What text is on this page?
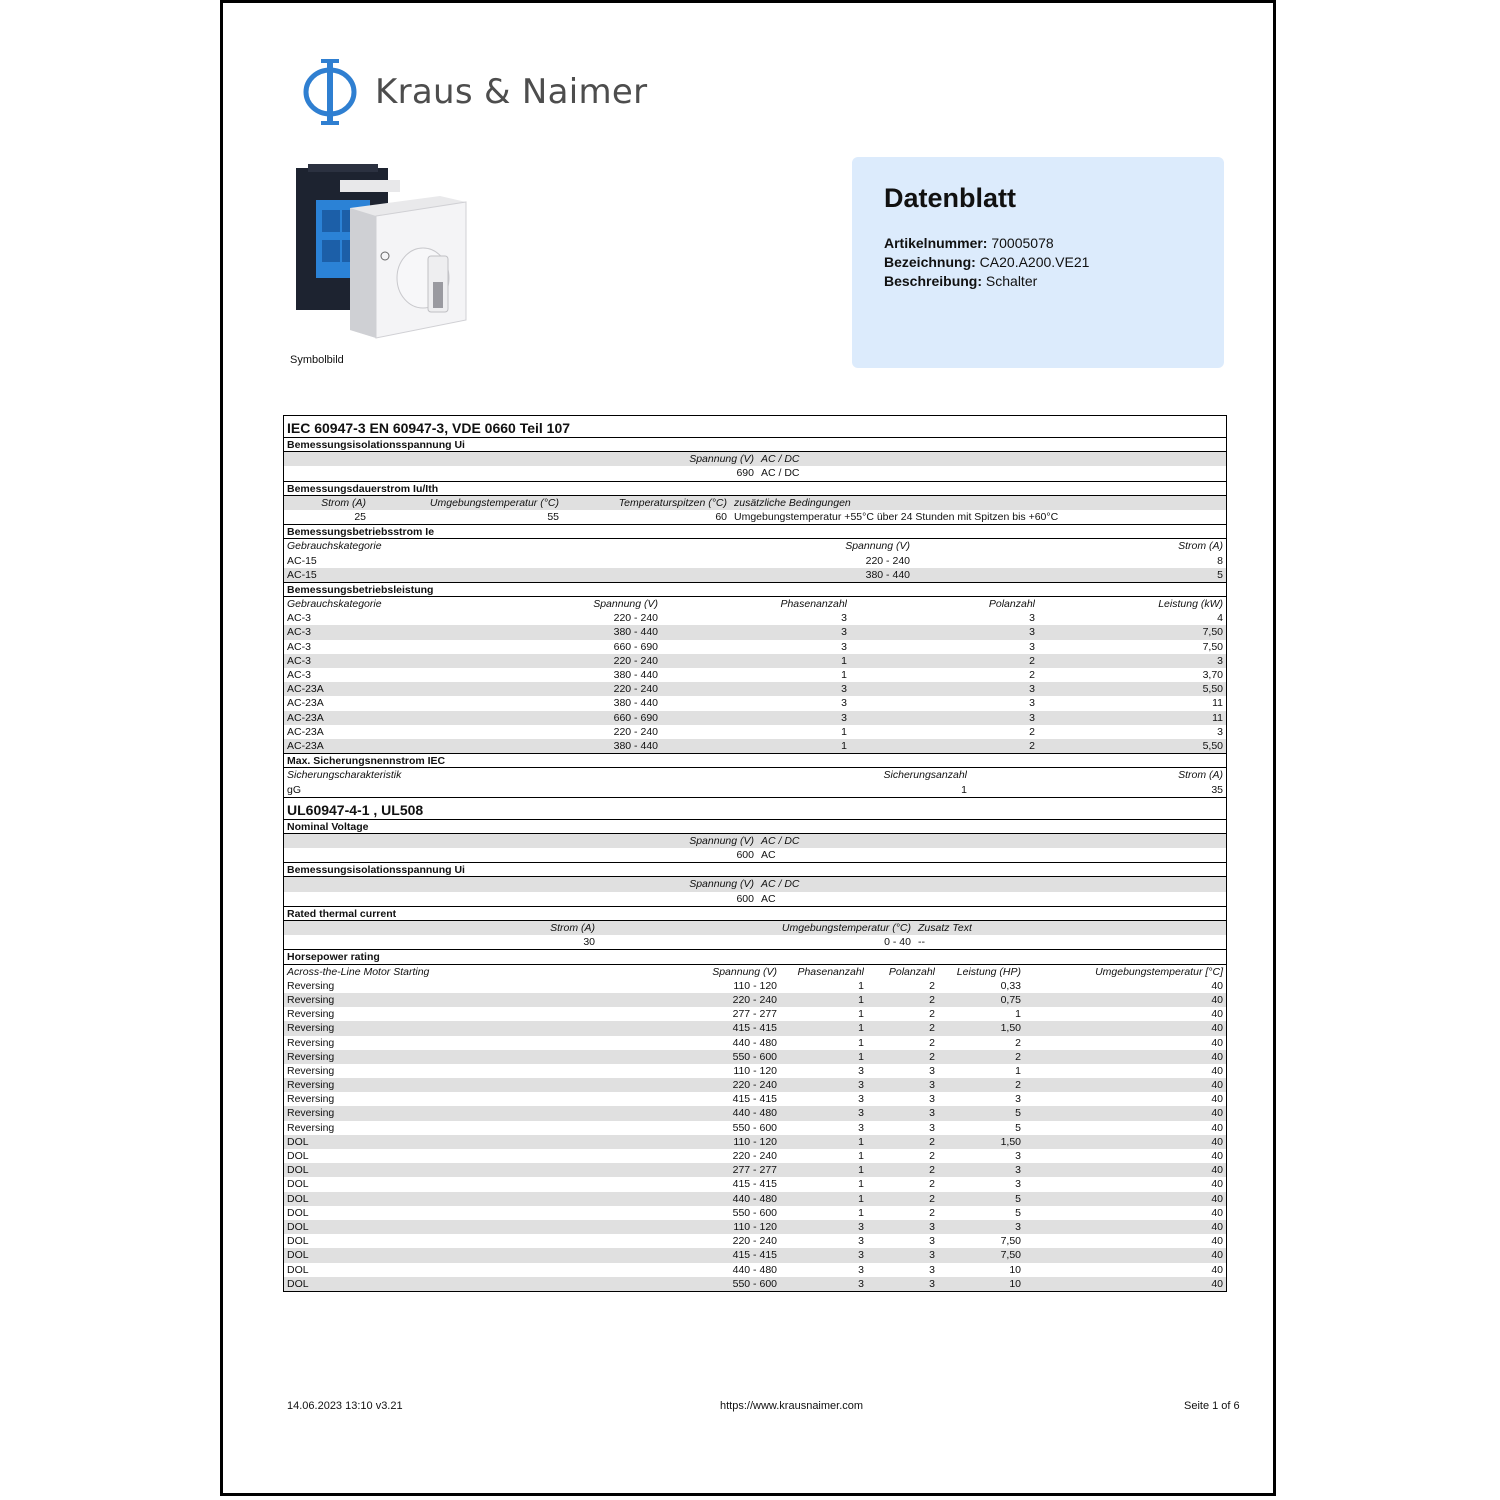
Kraus & Naimer
Symbolbild
Datenblatt
Artikelnummer: 70005078
Bezeichnung: CA20.A200.VE21
Beschreibung: Schalter
IEC 60947-3 EN 60947-3, VDE 0660 Teil 107
Bemessungsisolationsspannung Ui
Spannung (V) AC / DC
690 AC / DC
Bemessungsdauerstrom Iu/Ith
Strom (A)	Umgebungstemperatur (°C)	Temperaturspitzen (°C) zusätzliche Bedingungen
25	55	60 Umgebungstemperatur +55°C über 24 Stunden mit Spitzen bis +60°C
Bemessungsbetriebsstrom Ie
Gebrauchskategorie	Spannung (V)	Strom (A)
AC-15	220 - 240	8
AC-15	380 - 440	5
Bemessungsbetriebsleistung
Gebrauchskategorie	Spannung (V)	Phasenanzahl	Polanzahl	Leistung (kW)
AC-3	220 - 240	3	3	4
AC-3	380 - 440	3	3	7,50
AC-3	660 - 690	3	3	7,50
AC-3	220 - 240	1	2	3
AC-3	380 - 440	1	2	3,70
AC-23A	220 - 240	3	3	5,50
AC-23A	380 - 440	3	3	11
AC-23A	660 - 690	3	3	11
AC-23A	220 - 240	1	2	3
AC-23A	380 - 440	1	2	5,50
Max. Sicherungsnennstrom IEC
Sicherungscharakteristik	Sicherungsanzahl	Strom (A)
gG	1	35
UL60947-4-1 , UL508
Nominal Voltage
Spannung (V) AC / DC
600 AC
Bemessungsisolationsspannung Ui
Spannung (V) AC / DC
600 AC
Rated thermal current
Strom (A)	Umgebungstemperatur (°C) Zusatz Text
30	0 - 40 --
Horsepower rating
Across-the-Line Motor Starting	Spannung (V)	Phasenanzahl	Polanzahl	Leistung (HP)	Umgebungstemperatur [°C]
Reversing	110 - 120	1	2	0,33	40
Reversing	220 - 240	1	2	0,75	40
Reversing	277 - 277	1	2	1	40
Reversing	415 - 415	1	2	1,50	40
Reversing	440 - 480	1	2	2	40
Reversing	550 - 600	1	2	2	40
Reversing	110 - 120	3	3	1	40
Reversing	220 - 240	3	3	2	40
Reversing	415 - 415	3	3	3	40
Reversing	440 - 480	3	3	5	40
Reversing	550 - 600	3	3	5	40
DOL	110 - 120	1	2	1,50	40
DOL	220 - 240	1	2	3	40
DOL	277 - 277	1	2	3	40
DOL	415 - 415	1	2	3	40
DOL	440 - 480	1	2	5	40
DOL	550 - 600	1	2	5	40
DOL	110 - 120	3	3	3	40
DOL	220 - 240	3	3	7,50	40
DOL	415 - 415	3	3	7,50	40
DOL	440 - 480	3	3	10	40
DOL	550 - 600	3	3	10	40
14.06.2023 13:10 v3.21	https://www.krausnaimer.com	Seite 1 of 6
